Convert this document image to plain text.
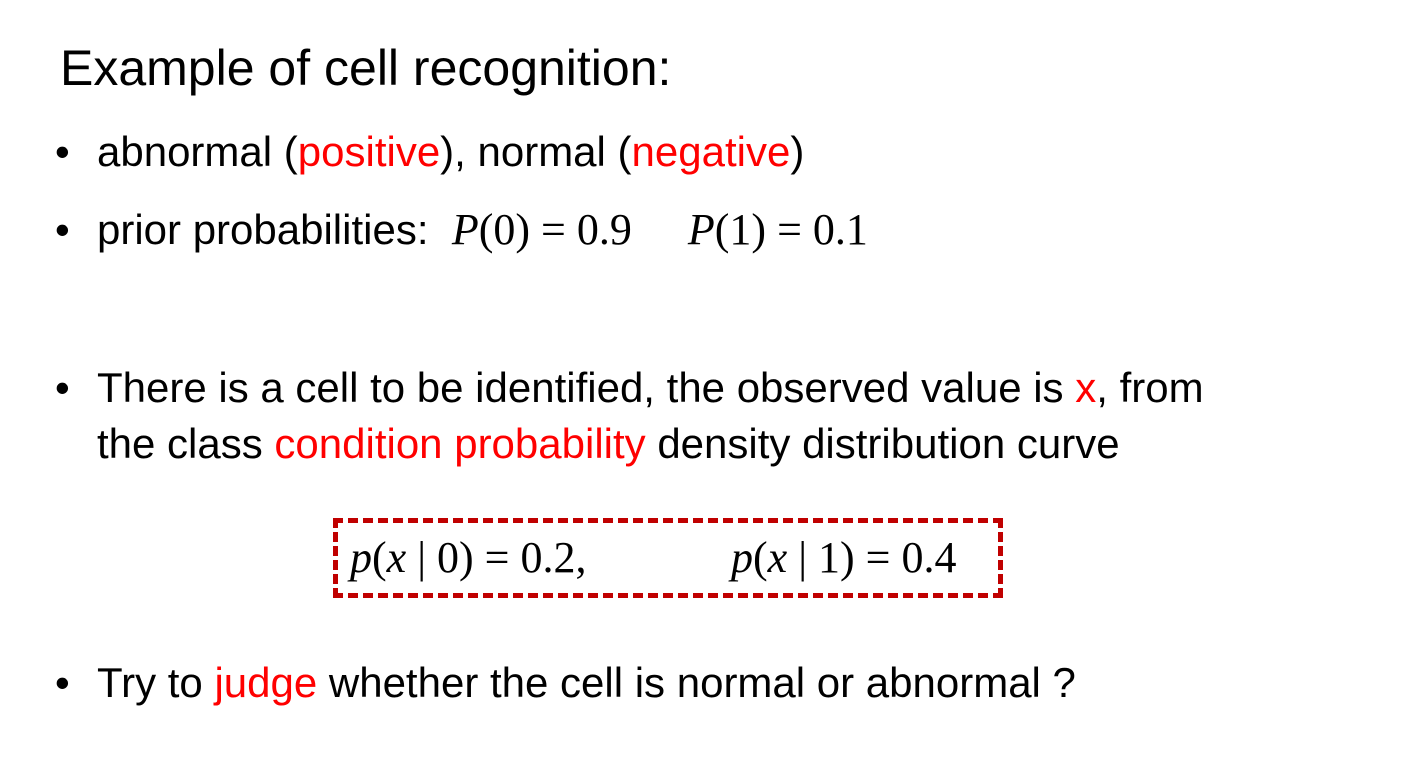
Example of cell recognition:
• abnormal (positive), normal (negative)
• prior probabilities: P(0) = 0.9 P(1) = 0.1
• There is a cell to be identified, the observed value is x, from
the class condition probability density distribution curve
p(x | 0) = 0.2,	p(x | 1) = 0.4
• Try to judge whether the cell is normal or abnormal ?
